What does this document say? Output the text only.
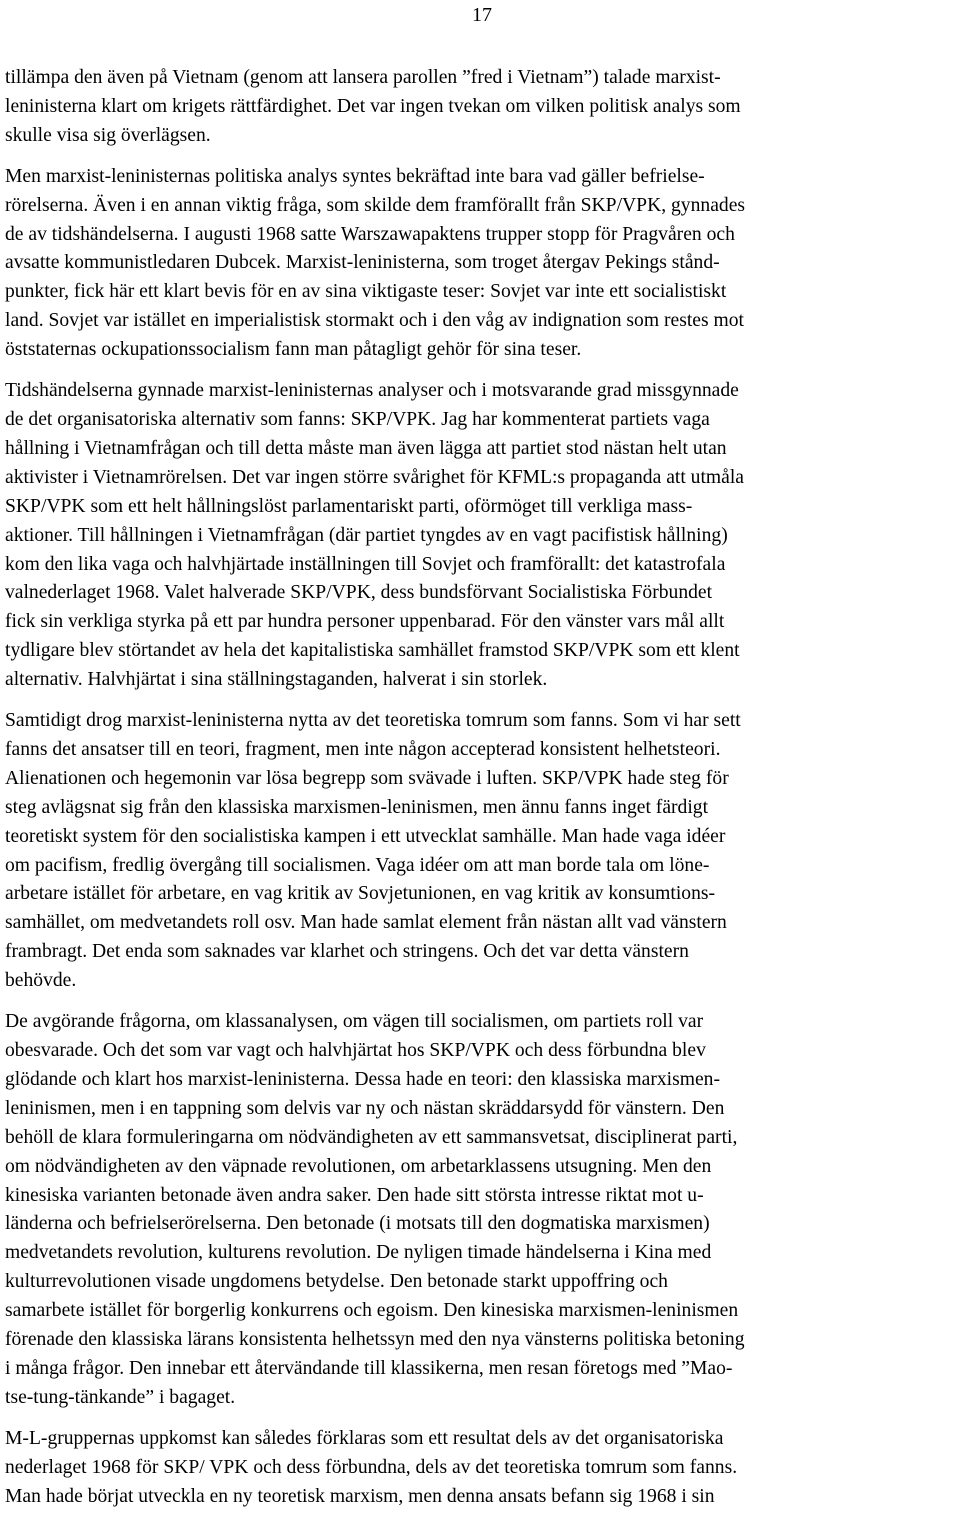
17

tillämpa den även på Vietnam (genom att lansera parollen ”fred i Vietnam”) talade marxist-
leninisterna klart om krigets rättfärdighet. Det var ingen tvekan om vilken politisk analys som
skulle visa sig överlägsen.

Men marxist-leninisternas politiska analys syntes bekräftad inte bara vad gäller befrielse-
rörelserna. Även i en annan viktig fråga, som skilde dem framförallt från SKP/VPK, gynnades
de av tidshändelserna. I augusti 1968 satte Warszawapaktens trupper stopp för Pragvåren och
avsatte kommunistledaren Dubcek. Marxist-leninisterna, som troget återgav Pekings stånd-
punkter, fick här ett klart bevis för en av sina viktigaste teser: Sovjet var inte ett socialistiskt
land. Sovjet var istället en imperialistisk stormakt och i den våg av indignation som restes mot
öststaternas ockupationssocialism fann man påtagligt gehör för sina teser.

Tidshändelserna gynnade marxist-leninisternas analyser och i motsvarande grad missgynnade
de det organisatoriska alternativ som fanns: SKP/VPK. Jag har kommenterat partiets vaga
hållning i Vietnamfrågan och till detta måste man även lägga att partiet stod nästan helt utan
aktivister i Vietnamrörelsen. Det var ingen större svårighet för KFML:s propaganda att utmåla
SKP/VPK som ett helt hållningslöst parlamentariskt parti, oförmöget till verkliga mass-
aktioner. Till hållningen i Vietnamfrågan (där partiet tyngdes av en vagt pacifistisk hållning)
kom den lika vaga och halvhjärtade inställningen till Sovjet och framförallt: det katastrofala
valnederlaget 1968. Valet halverade SKP/VPK, dess bundsförvant Socialistiska Förbundet
fick sin verkliga styrka på ett par hundra personer uppenbarad. För den vänster vars mål allt
tydligare blev störtandet av hela det kapitalistiska samhället framstod SKP/VPK som ett klent
alternativ. Halvhjärtat i sina ställningstaganden, halverat i sin storlek.

Samtidigt drog marxist-leninisterna nytta av det teoretiska tomrum som fanns. Som vi har sett
fanns det ansatser till en teori, fragment, men inte någon accepterad konsistent helhetsteori.
Alienationen och hegemonin var lösa begrepp som svävade i luften. SKP/VPK hade steg för
steg avlägsnat sig från den klassiska marxismen-leninismen, men ännu fanns inget färdigt
teoretiskt system för den socialistiska kampen i ett utvecklat samhälle. Man hade vaga idéer
om pacifism, fredlig övergång till socialismen. Vaga idéer om att man borde tala om löne-
arbetare istället för arbetare, en vag kritik av Sovjetunionen, en vag kritik av konsumtions-
samhället, om medvetandets roll osv. Man hade samlat element från nästan allt vad vänstern
frambragt. Det enda som saknades var klarhet och stringens. Och det var detta vänstern
behövde.

De avgörande frågorna, om klassanalysen, om vägen till socialismen, om partiets roll var
obesvarade. Och det som var vagt och halvhjärtat hos SKP/VPK och dess förbundna blev
glödande och klart hos marxist-leninisterna. Dessa hade en teori: den klassiska marxismen-
leninismen, men i en tappning som delvis var ny och nästan skräddarsydd för vänstern. Den
behöll de klara formuleringarna om nödvändigheten av ett sammansvetsat, disciplinerat parti,
om nödvändigheten av den väpnade revolutionen, om arbetarklassens utsugning. Men den
kinesiska varianten betonade även andra saker. Den hade sitt största intresse riktat mot u-
länderna och befrielserörelserna. Den betonade (i motsats till den dogmatiska marxismen)
medvetandets revolution, kulturens revolution. De nyligen timade händelserna i Kina med
kulturrevolutionen visade ungdomens betydelse. Den betonade starkt uppoffring och
samarbete istället för borgerlig konkurrens och egoism. Den kinesiska marxismen-leninismen
förenade den klassiska lärans konsistenta helhetssyn med den nya vänsterns politiska betoning
i många frågor. Den innebar ett återvändande till klassikerna, men resan företogs med ”Mao-
tse-tung-tänkande” i bagaget.

M-L-gruppernas uppkomst kan således förklaras som ett resultat dels av det organisatoriska
nederlaget 1968 för SKP/ VPK och dess förbundna, dels av det teoretiska tomrum som fanns.
Man hade börjat utveckla en ny teoretisk marxism, men denna ansats befann sig 1968 i sin
